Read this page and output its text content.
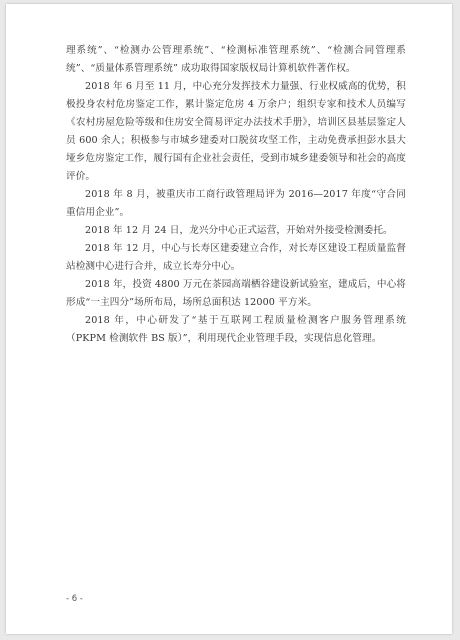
理系统”、“检测办公管理系统”、“检测标准管理系统”、“检测合同管理系统”、“质量体系管理系统” 成功取得国家版权局计算机软件著作权。

2018 年 6 月至 11 月，中心充分发挥技术力量强、行业权威高的优势，积极投身农村危房鉴定工作，累计鉴定危房 4 万余户；组织专家和技术人员编写《农村房屋危险等级和住房安全简易评定办法技术手册》，培训区县基层鉴定人员 600 余人；积极参与市城乡建委对口脱贫攻坚工作，主动免费承担彭水县大垭乡危房鉴定工作，履行国有企业社会责任，受到市城乡建委领导和社会的高度评价。

2018 年 8 月，被重庆市工商行政管理局评为 2016—2017 年度“守合同重信用企业”。

2018 年 12 月 24 日，龙兴分中心正式运营，开始对外接受检测委托。

2018 年 12 月，中心与长寿区建委建立合作，对长寿区建设工程质量监督站检测中心进行合并，成立长寿分中心。

2018 年，投资 4800 万元在茶园高端栖谷建设新试验室，建成后，中心将形成“一主四分”场所布局，场所总面积达 12000 平方米。

2018 年，中心研发了“基于互联网工程质量检测客户服务管理系统（PKPM 检测软件 BS 版）”，利用现代企业管理手段，实现信息化管理。

- 6 -
